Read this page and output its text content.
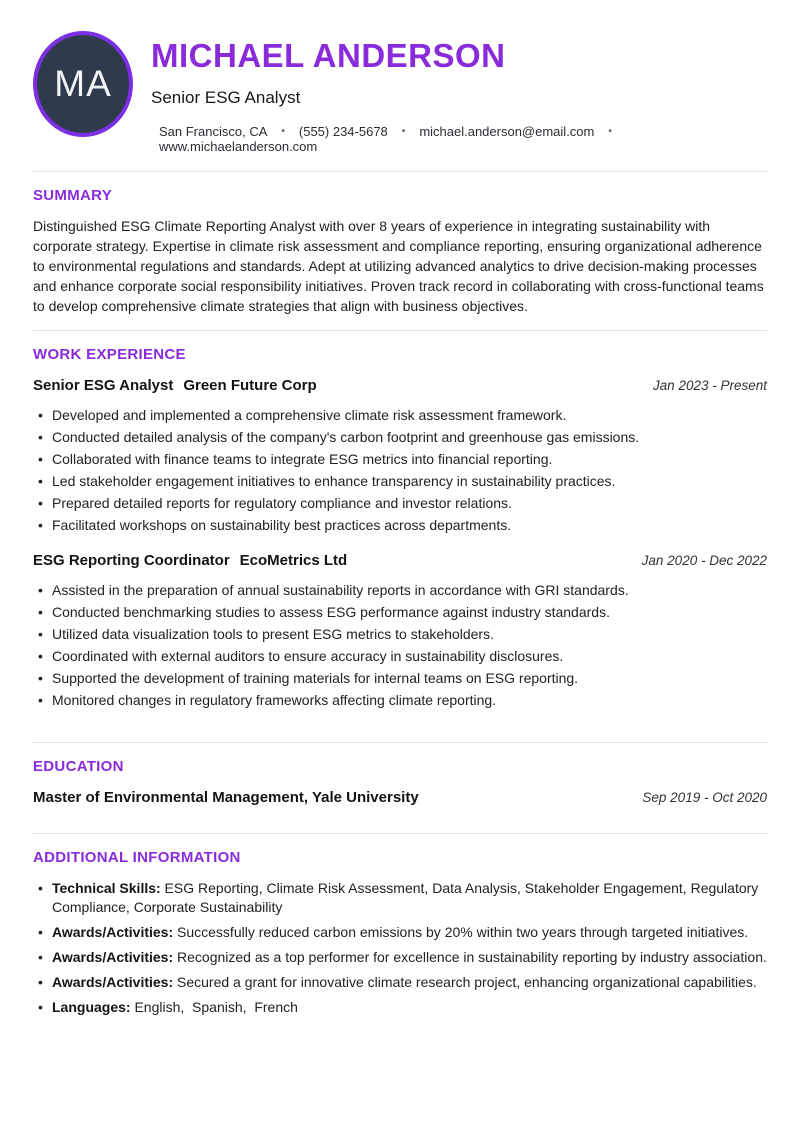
MA
MICHAEL ANDERSON
Senior ESG Analyst
San Francisco, CA • (555) 234-5678 • michael.anderson@email.com •
www.michaelanderson.com
SUMMARY

Distinguished ESG Climate Reporting Analyst with over 8 years of experience in integrating sustainability with corporate strategy. Expertise in climate risk assessment and compliance reporting, ensuring organizational adherence to environmental regulations and standards. Adept at utilizing advanced analytics to drive decision-making processes and enhance corporate social responsibility initiatives. Proven track record in collaborating with cross-functional teams to develop comprehensive climate strategies that align with business objectives.

WORK EXPERIENCE
Senior ESG Analyst Green Future Corp	Jan 2023 - Present
• Developed and implemented a comprehensive climate risk assessment framework.
• Conducted detailed analysis of the company's carbon footprint and greenhouse gas emissions.
• Collaborated with finance teams to integrate ESG metrics into financial reporting.
• Led stakeholder engagement initiatives to enhance transparency in sustainability practices.
• Prepared detailed reports for regulatory compliance and investor relations.
• Facilitated workshops on sustainability best practices across departments.
ESG Reporting Coordinator EcoMetrics Ltd	Jan 2020 - Dec 2022
• Assisted in the preparation of annual sustainability reports in accordance with GRI standards.
• Conducted benchmarking studies to assess ESG performance against industry standards.
• Utilized data visualization tools to present ESG metrics to stakeholders.
• Coordinated with external auditors to ensure accuracy in sustainability disclosures.
• Supported the development of training materials for internal teams on ESG reporting.
• Monitored changes in regulatory frameworks affecting climate reporting.
EDUCATION
Master of Environmental Management, Yale University	Sep 2019 - Oct 2020
ADDITIONAL INFORMATION
• Technical Skills: ESG Reporting, Climate Risk Assessment, Data Analysis, Stakeholder Engagement, Regulatory Compliance, Corporate Sustainability
• Awards/Activities: Successfully reduced carbon emissions by 20% within two years through targeted initiatives.
• Awards/Activities: Recognized as a top performer for excellence in sustainability reporting by industry association.
• Awards/Activities: Secured a grant for innovative climate research project, enhancing organizational capabilities.
• Languages: English,  Spanish,  French
